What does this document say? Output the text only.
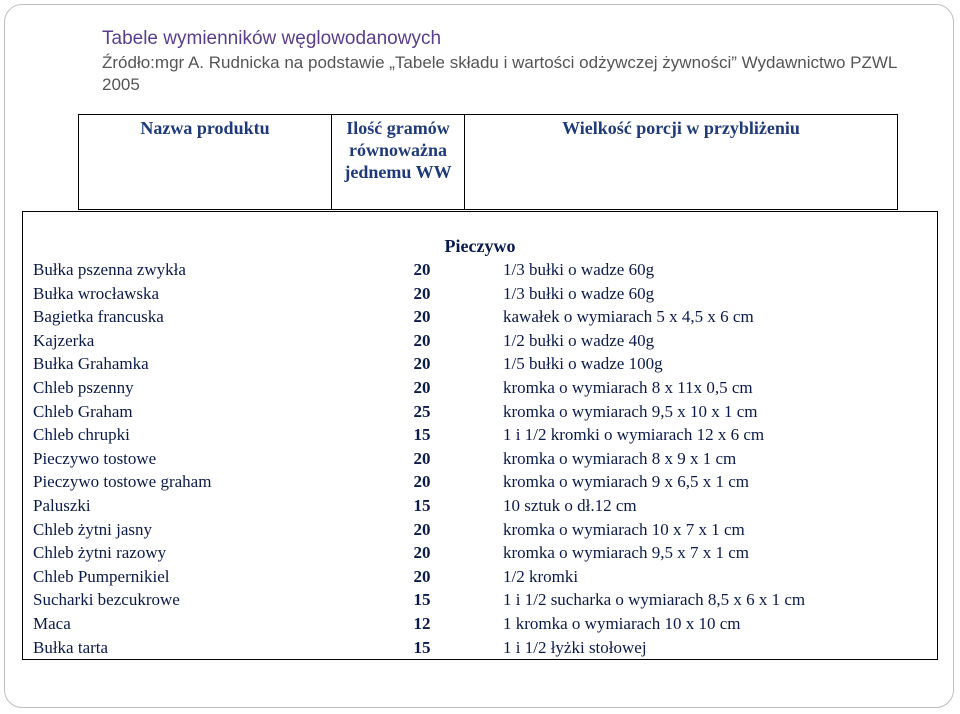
Tabele wymienników węglowodanowych

Źródło:mgr A. Rudnicka na podstawie „Tabele składu i wartości odżywczej żywności” Wydawnictwo PZWL 2005

Nazwa produktu	Ilość gramów równoważna jednemu WW	Wielkość porcji w przybliżeniu
Pieczywo		
Bułka pszenna zwykła	20	1/3 bułki o wadze 60g
Bułka wrocławska	20	1/3 bułki o wadze 60g
Bagietka francuska	20	kawałek o wymiarach 5 x 4,5 x 6 cm
Kajzerka	20	1/2 bułki o wadze 40g
Bułka Grahamka	20	1/5 bułki o wadze 100g
Chleb pszenny	20	kromka o wymiarach 8 x 11x 0,5 cm
Chleb Graham	25	kromka o wymiarach 9,5 x 10 x 1 cm
Chleb chrupki	15	1 i 1/2 kromki o wymiarach 12 x 6 cm
Pieczywo tostowe	20	kromka o wymiarach 8 x 9 x 1 cm
Pieczywo tostowe graham	20	kromka o wymiarach 9 x 6,5 x 1 cm
Paluszki	15	10 sztuk o dł.12 cm
Chleb żytni jasny	20	kromka o wymiarach 10 x 7 x 1 cm
Chleb żytni razowy	20	kromka o wymiarach 9,5 x 7 x 1 cm
Chleb Pumpernikiel	20	1/2 kromki
Sucharki bezcukrowe	15	1 i 1/2 sucharka o wymiarach 8,5 x 6 x 1 cm
Maca	12	1 kromka o wymiarach 10 x 10 cm
Bułka tarta	15	1 i 1/2 łyżki stołowej
